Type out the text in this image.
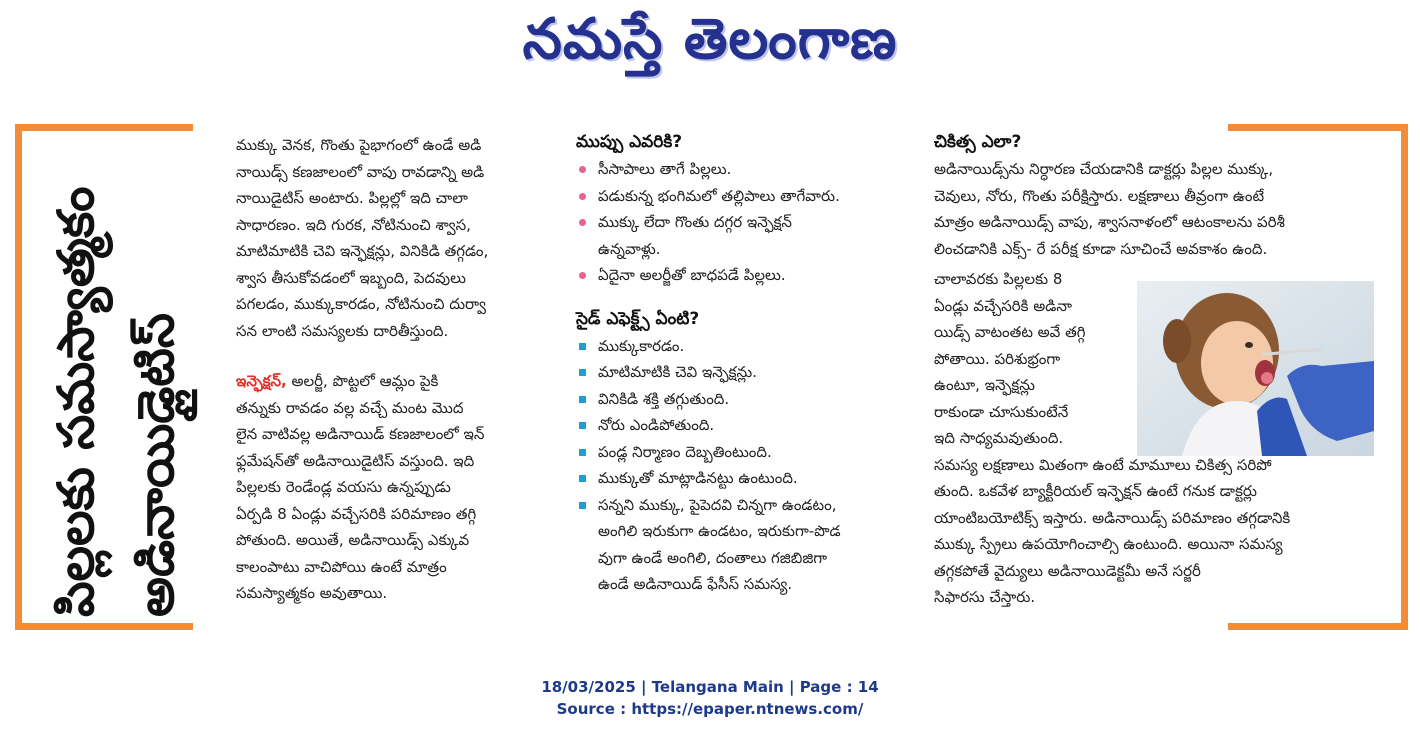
నమస్తే తెలంగాణ
పిల్లలకు సమస్యాత్మకం అడినాయిడ్లైటిస్‌

ముక్కు వెనక, గొంతు పైభాగంలో ఉండే అడి
నాయిడ్స్‌ కణజాలంలో వాపు రావడాన్ని అడి
నాయిడైటిస్‌ అంటారు. పిల్లల్లో ఇది చాలా
సాధారణం. ఇది గురక, నోటినుంచి శ్వాస,
మాటిమాటికి చెవి ఇన్ఫెక్షన్లు, వినికిడి తగ్గడం,
శ్వాస తీసుకోవడంలో ఇబ్బంది, పెదవులు
పగలడం, ముక్కుకారడం, నోటినుంచి దుర్వా
సన లాంటి సమస్యలకు దారితీస్తుంది.

ఇన్ఫెక్షన్‌, అలర్జీ, పొట్టలో ఆమ్లం పైకి
తన్నుకు రావడం వల్ల వచ్చే మంట మొద
లైన వాటివల్ల అడినాయిడ్‌ కణజాలంలో ఇన్‌
ఫ్లమేషన్‌తో అడినాయిడైటిస్‌ వస్తుంది. ఇది
పిల్లలకు రెండేండ్ల వయసు ఉన్నప్పుడు
ఏర్పడి 8 ఏండ్లు వచ్చేసరికి పరిమాణం తగ్గి
పోతుంది. అయితే, అడినాయిడ్స్‌ ఎక్కువ
కాలంపాటు వాచిపోయి ఉంటే మాత్రం
సమస్యాత్మకం అవుతాయి.

ముప్పు ఎవరికి?
సీసాపాలు తాగే పిల్లలు.
పడుకున్న భంగిమలో తల్లిపాలు తాగేవారు.
ముక్కు లేదా గొంతు దగ్గర ఇన్ఫెక్షన్‌
ఉన్నవాళ్లు.
ఏదైనా అలర్జీతో బాధపడే పిల్లలు.
సైడ్‌ ఎఫెక్ట్స్‌ ఏంటి?
ముక్కుకారడం.
మాటిమాటికి చెవి ఇన్ఫెక్షన్లు.
వినికిడి శక్తి తగ్గుతుంది.
నోరు ఎండిపోతుంది.
పండ్ల నిర్మాణం దెబ్బతింటుంది.
ముక్కుతో మాట్లాడినట్టు ఉంటుంది.
సన్నని ముక్కు, పైపెదవి చిన్నగా ఉండటం,
అంగిలి ఇరుకుగా ఉండటం, ఇరుకుగా-పొడ
వుగా ఉండే అంగిలి, దంతాలు గజిబిజిగా
ఉండే అడినాయిడ్‌ ఫేసీస్‌ సమస్య.
చికిత్స ఎలా?

అడినాయిడ్స్‌ను నిర్ధారణ చేయడానికి డాక్టర్లు పిల్లల ముక్కు,
చెవులు, నోరు, గొంతు పరీక్షిస్తారు. లక్షణాలు తీవ్రంగా ఉంటే
మాత్రం అడినాయిడ్స్‌ వాపు, శ్వాసనాళంలో ఆటంకాలను పరిశీ
లించడానికి ఎక్స్‌- రే పరీక్ష కూడా సూచించే అవకాశం ఉంది.

చాలావరకు పిల్లలకు 8
ఏండ్లు వచ్చేసరికి అడినా
యిడ్స్‌ వాటంతట అవే తగ్గి
పోతాయి. పరిశుభ్రంగా
ఉంటూ, ఇన్ఫెక్షన్లు
రాకుండా చూసుకుంటేనే
ఇది సాధ్యమవుతుంది.

సమస్య లక్షణాలు మితంగా ఉంటే మామూలు చికిత్స సరిపో
తుంది. ఒకవేళ బ్యాక్టీరియల్‌ ఇన్ఫెక్షన్‌ ఉంటే గనుక డాక్టర్లు
యాంటిబయోటిక్స్‌ ఇస్తారు. అడినాయిడ్స్‌ పరిమాణం తగ్గడానికి
ముక్కు స్ప్రేలు ఉపయోగించాల్సి ఉంటుంది. అయినా సమస్య
తగ్గకపోతే వైద్యులు అడినాయిడెక్టమీ అనే సర్జరీ
సిఫారసు చేస్తారు.

18/03/2025 | Telangana Main | Page : 14
Source : https://epaper.ntnews.com/
